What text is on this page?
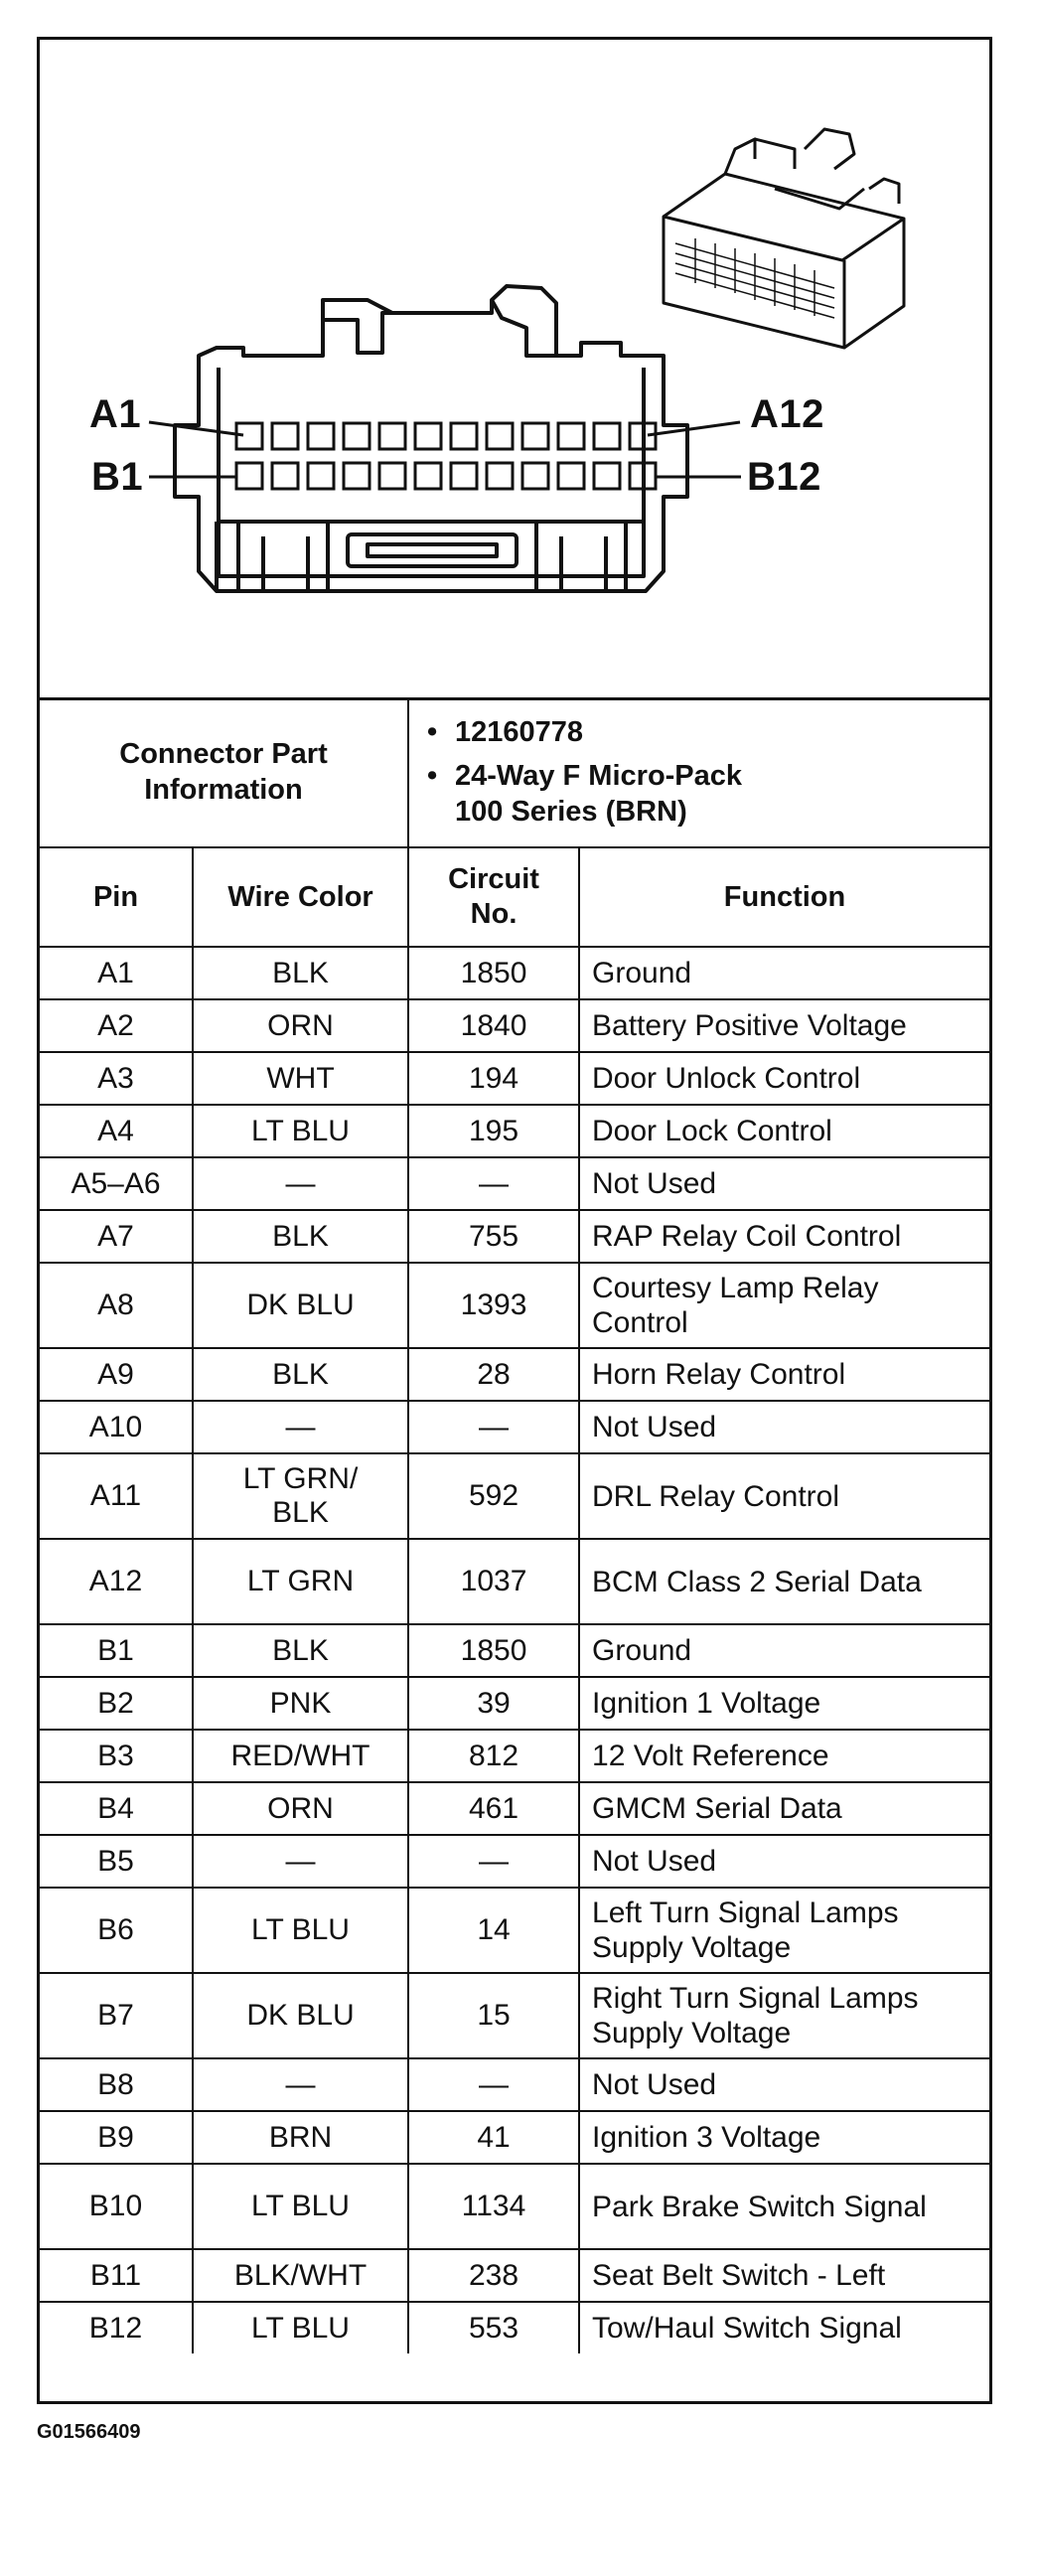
A1	A12
B1	B12
Connector Part Information		• 12160778
• 24-Way F Micro-Pack
100 Series (BRN)	

Pin	Wire Color	Circuit No.	Function
A1	BLK	1850	Ground
A2	ORN	1840	Battery Positive Voltage
A3	WHT	194	Door Unlock Control
A4	LT BLU	195	Door Lock Control
A5–A6	—	—	Not Used
A7	BLK	755	RAP Relay Coil Control
A8	DK BLU	1393	Courtesy Lamp Relay Control
A9	BLK	28	Horn Relay Control
A10	—	—	Not Used
A11	LT GRN/ BLK	592	DRL Relay Control
A12	LT GRN	1037	BCM Class 2 Serial Data
B1	BLK	1850	Ground
B2	PNK	39	Ignition 1 Voltage
B3	RED/WHT	812	12 Volt Reference
B4	ORN	461	GMCM Serial Data
B5	—	—	Not Used
B6	LT BLU	14	Left Turn Signal Lamps Supply Voltage
B7	DK BLU	15	Right Turn Signal Lamps Supply Voltage
B8	—	—	Not Used
B9	BRN	41	Ignition 3 Voltage
B10	LT BLU	1134	Park Brake Switch Signal
B11	BLK/WHT	238	Seat Belt Switch - Left
B12	LT BLU	553	Tow/Haul Switch Signal
G01566409
